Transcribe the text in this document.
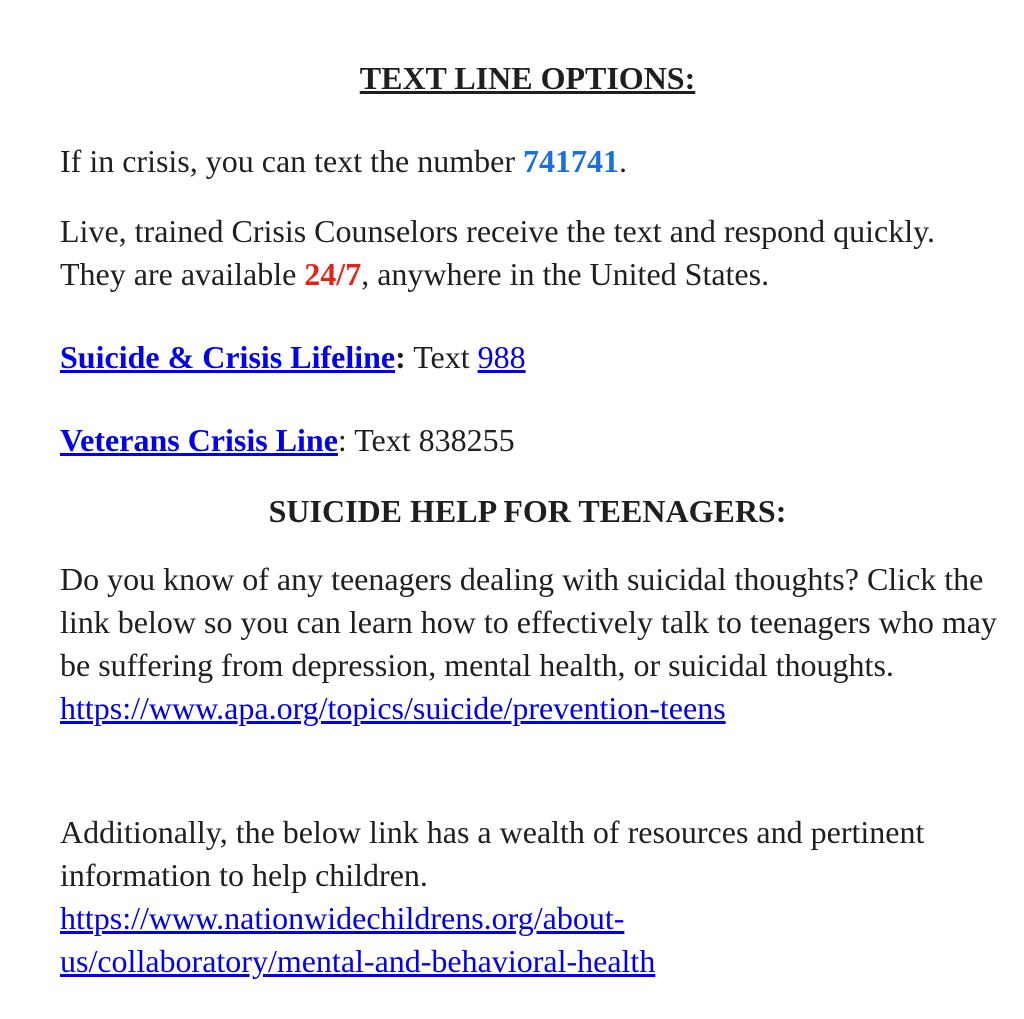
TEXT LINE OPTIONS:

If in crisis, you can text the number 741741.

Live, trained Crisis Counselors receive the text and respond quickly. They are available 24/7, anywhere in the United States.

Suicide & Crisis Lifeline: Text 988

Veterans Crisis Line: Text 838255

SUICIDE HELP FOR TEENAGERS:

Do you know of any teenagers dealing with suicidal thoughts? Click the link below so you can learn how to effectively talk to teenagers who may be suffering from depression, mental health, or suicidal thoughts.
https://www.apa.org/topics/suicide/prevention-teens

Additionally, the below link has a wealth of resources and pertinent information to help children.
https://www.nationwidechildrens.org/about-
us/collaboratory/mental-and-behavioral-health
